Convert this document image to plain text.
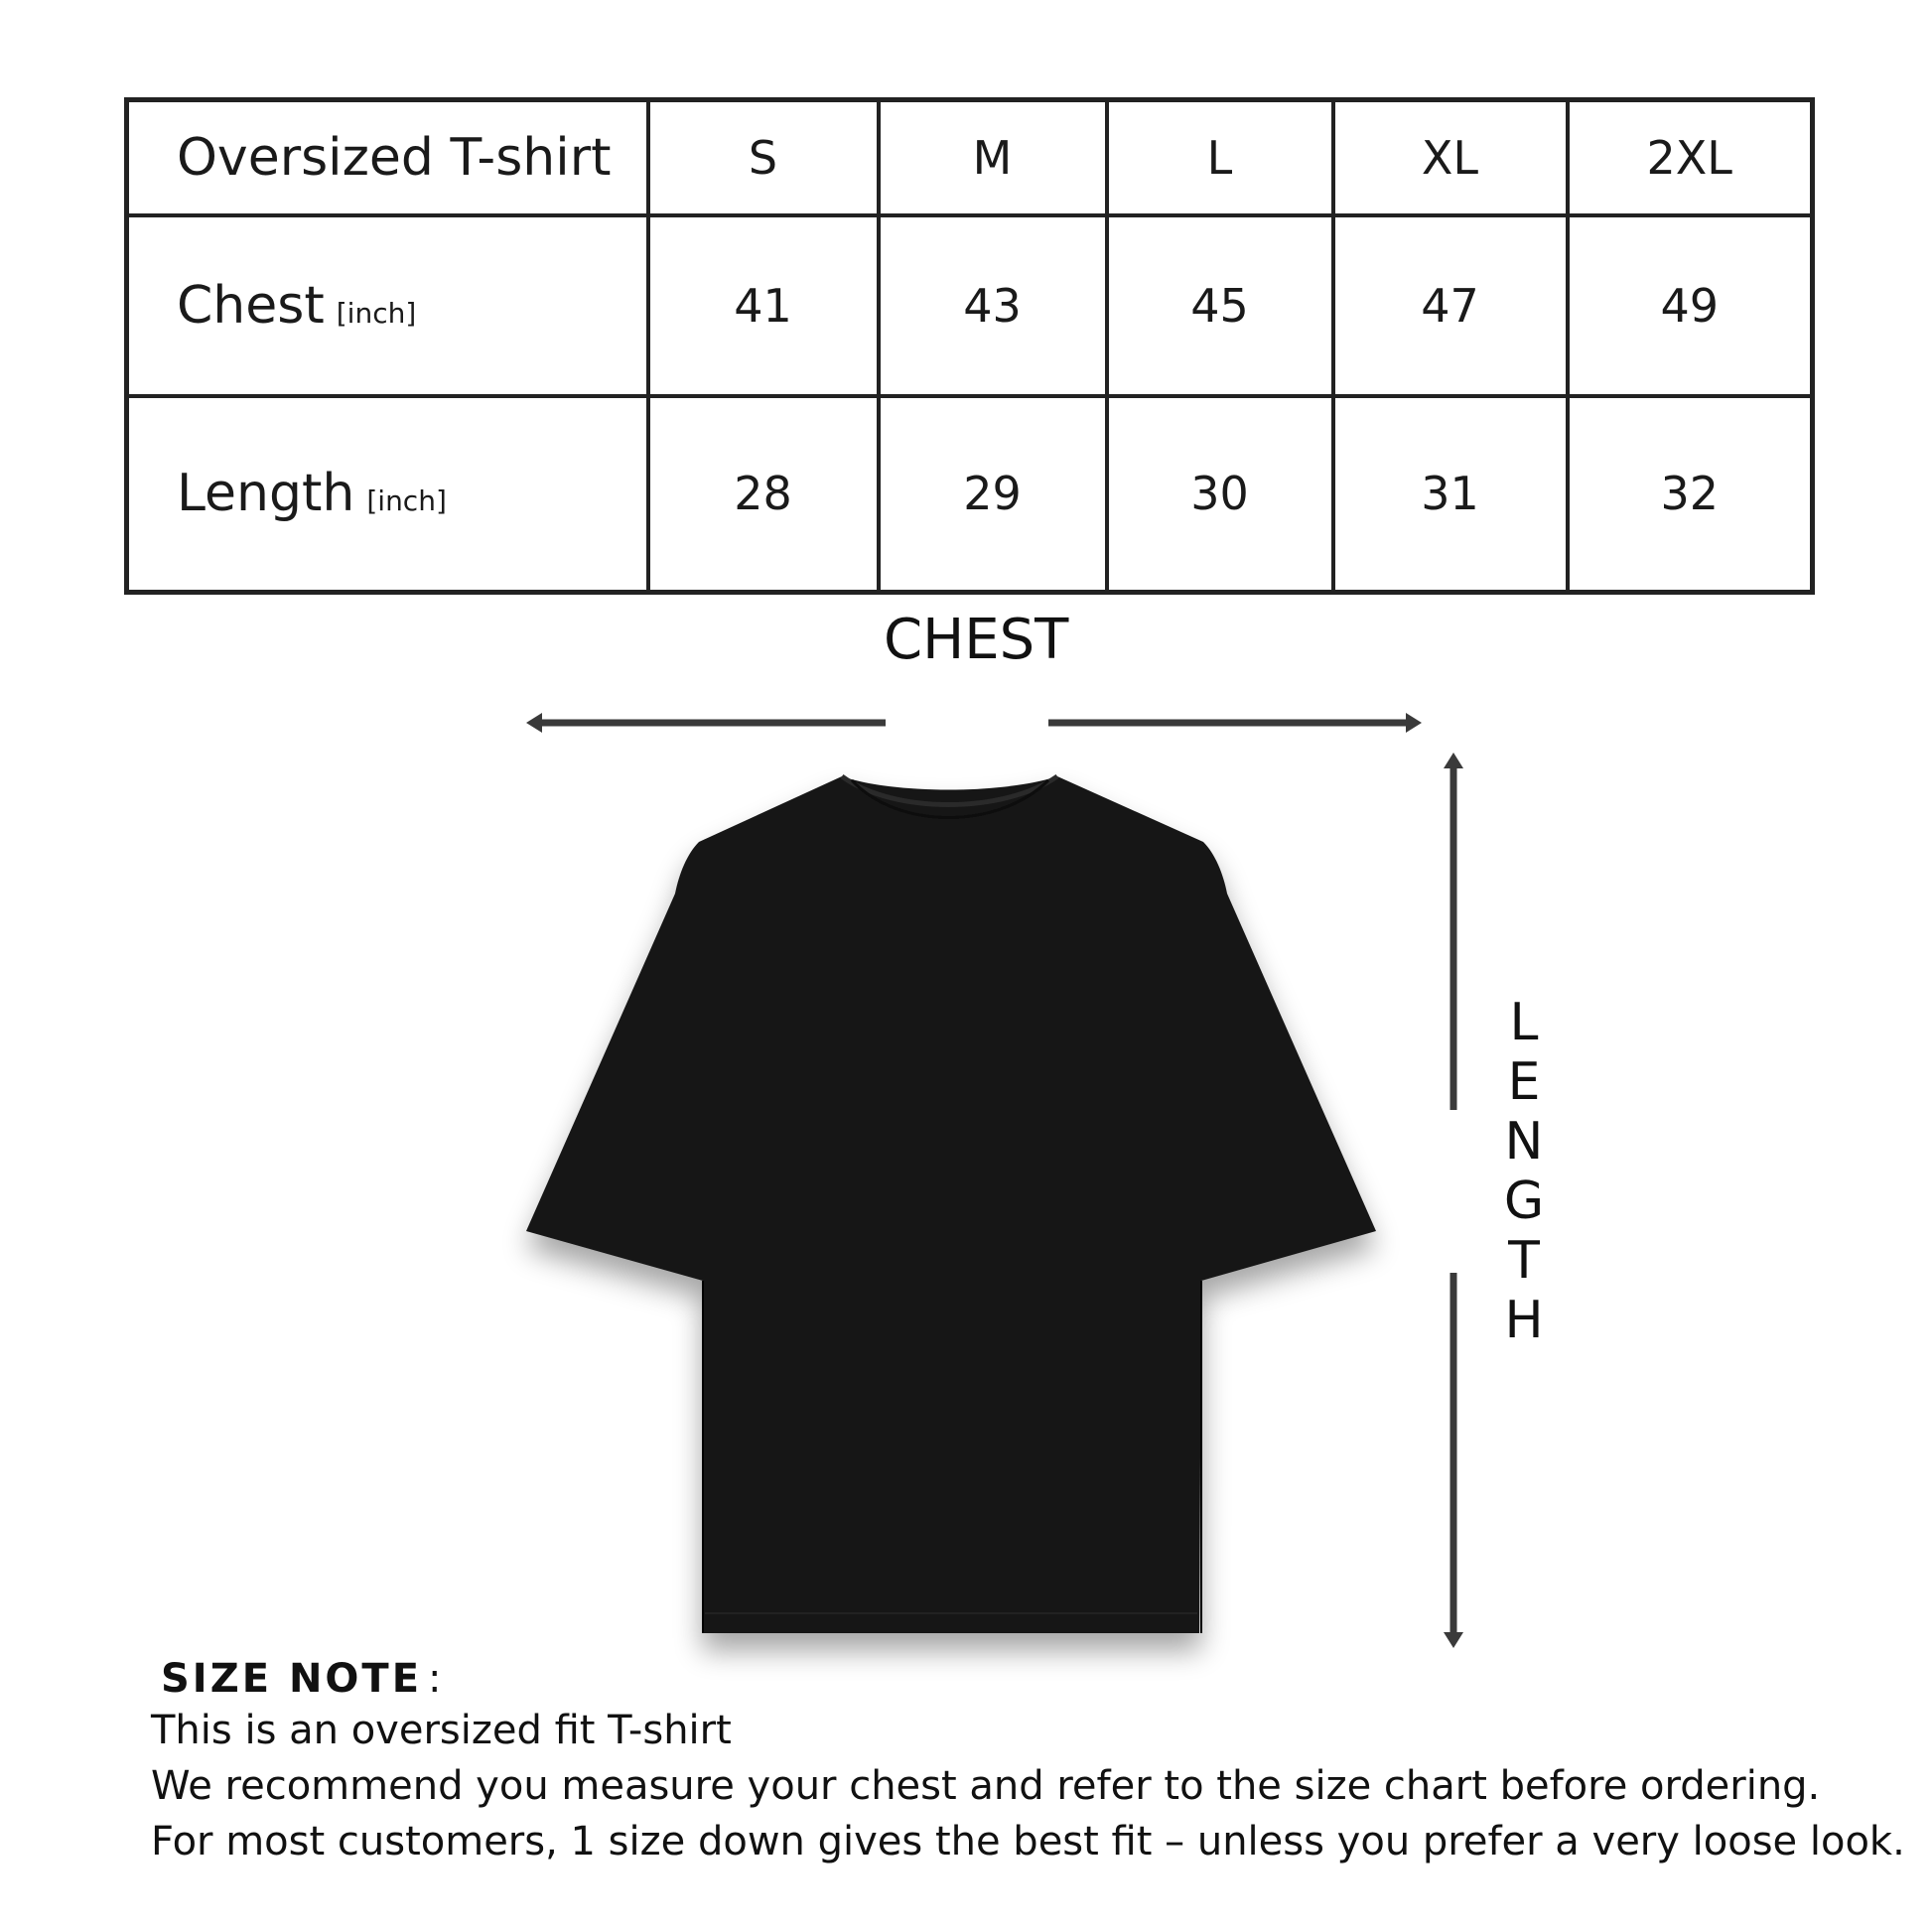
Oversized T-shirt	S	M	L	XL	2XL
Chest [inch]	41	43	45	47	49
Length [inch]	28	29	30	31	32
CHEST
L
E
N
G
T
H
SIZE NOTE :
This is an oversized fit T-shirt
We recommend you measure your chest and refer to the size chart before ordering.
For most customers, 1 size down gives the best fit – unless you prefer a very loose look.
